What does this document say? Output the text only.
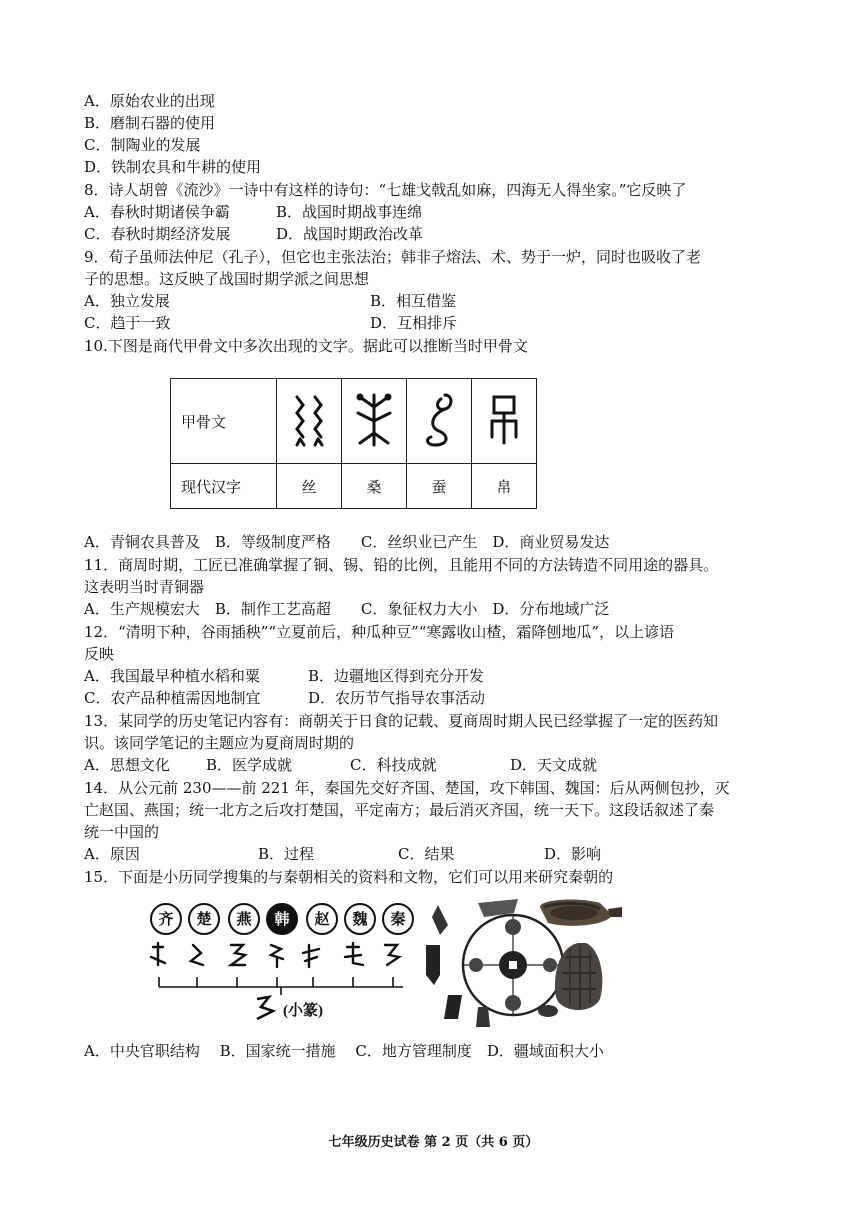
A．原始农业的出现
B．磨制石器的使用
C．制陶业的发展
D．铁制农具和牛耕的使用
8．诗人胡曾《流沙》一诗中有这样的诗句：“七雄戈戟乱如麻，四海无人得坐家。”它反映了
A．春秋时期诸侯争霸	B．战国时期战事连绵
C．春秋时期经济发展	D．战国时期政治改革
9．荀子虽师法仲尼（孔子），但它也主张法治；韩非子熔法、术、势于一炉，同时也吸收了老
子的思想。这反映了战国时期学派之间思想
A．独立发展	B．相互借鉴
C．趋于一致	D．互相排斥
10.下图是商代甲骨文中多次出现的文字。据此可以推断当时甲骨文
甲骨文				
现代汉字	丝	桑	蚕	帛
A．青铜农具普及　B．等级制度严格　　C．丝织业已产生　D．商业贸易发达
11．商周时期，工匠已准确掌握了铜、锡、铅的比例，且能用不同的方法铸造不同用途的器具。
这表明当时青铜器
A．生产规模宏大　B．制作工艺高超　　C．象征权力大小　D．分布地域广泛
12．“清明下种，谷雨插秧”“立夏前后，种瓜种豆”“寒露收山楂，霜降刨地瓜”，以上谚语
反映
A．我国最早种植水稻和粟	B．边疆地区得到充分开发
C．农产品种植需因地制宜	D．农历节气指导农事活动
13．某同学的历史笔记内容有：商朝关于日食的记载、夏商周时期人民已经掌握了一定的医药知
识。该同学笔记的主题应为夏商周时期的
A．思想文化 B．医学成就	C．科技成就	D．天文成就
14．从公元前 230——前 221 年，秦国先交好齐国、楚国，攻下韩国、魏国：后从两侧包抄，灭
亡赵国、燕国；统一北方之后攻打楚国，平定南方；最后消灭齐国，统一天下。这段话叙述了秦
统一中国的
A．原因	B．过程	C．结果	D．影响
15．下面是小历同学搜集的与秦朝相关的资料和文物，它们可以用来研究秦朝的
齐	楚	燕	韩	赵	魏	秦
(小篆)
A．中央官职结构　 B．国家统一措施　 C．地方管理制度　D．疆域面积大小
七年级历史试卷 第 2 页（共 6 页）
